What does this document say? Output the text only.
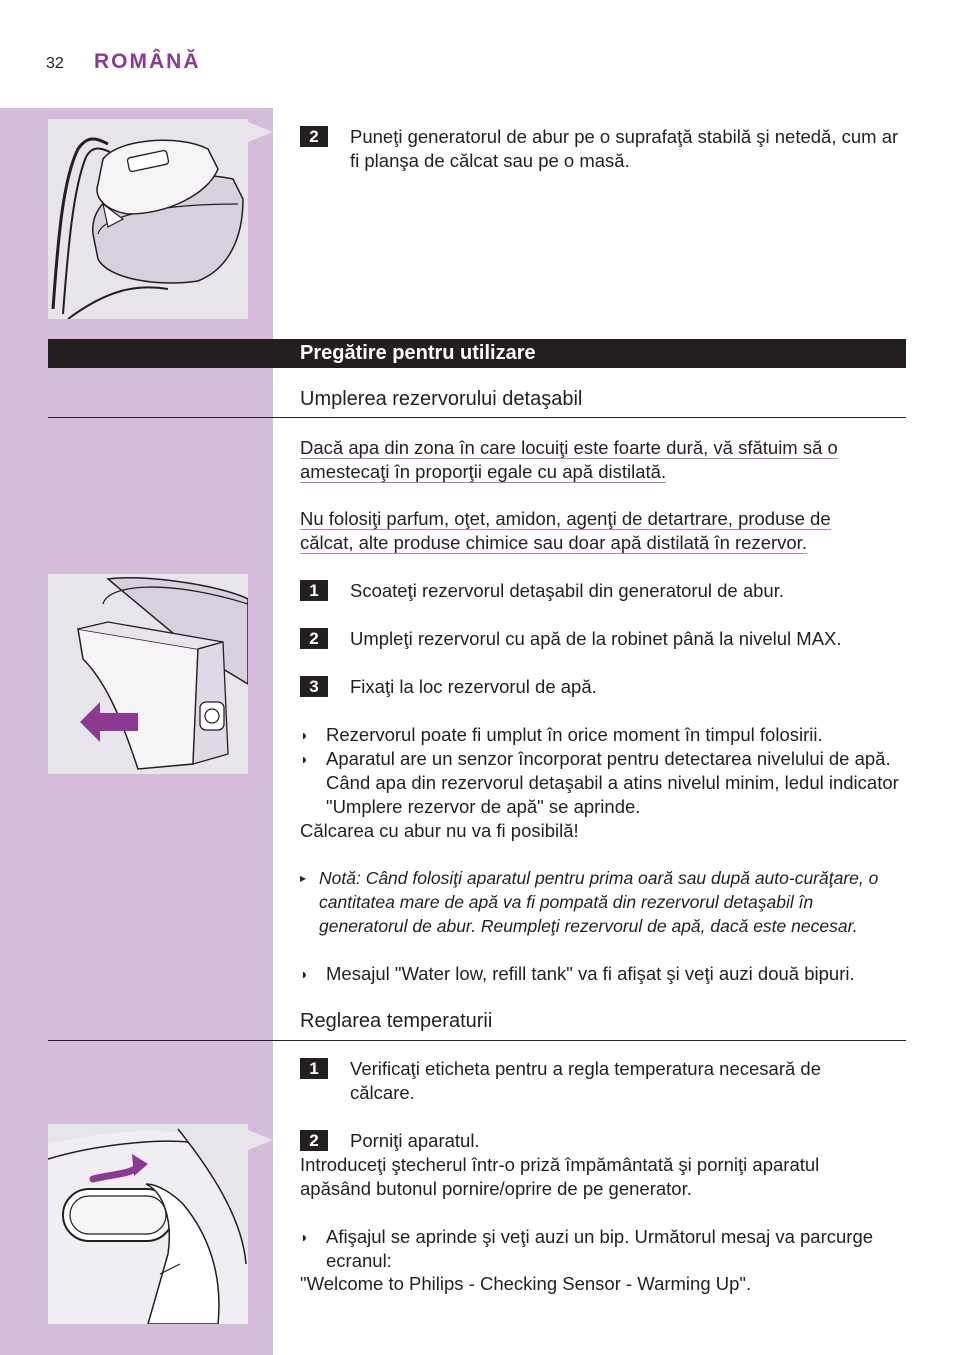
32 ROMÂNĂ
2	Puneţi generatorul de abur pe o suprafaţă stabilă şi netedă, cum ar fi planşa de călcat sau pe o masă.
Pregătire pentru utilizare
Umplerea rezervorului detaşabil
Dacă apa din zona în care locuiţi este foarte dură, vă sfătuim să o amestecaţi în proporţii egale cu apă distilată.
Nu folosiţi parfum, oţet, amidon, agenţi de detartrare, produse de călcat, alte produse chimice sau doar apă distilată în rezervor.
1	Scoateţi rezervorul detaşabil din generatorul de abur.
2	Umpleţi rezervorul cu apă de la robinet până la nivelul MAX.
3	Fixaţi la loc rezervorul de apă.
◗ Rezervorul poate fi umplut în orice moment în timpul folosirii.
◗ Aparatul are un senzor încorporat pentru detectarea nivelului de apă. Când apa din rezervorul detaşabil a atins nivelul minim, ledul indicator "Umplere rezervor de apă" se aprinde.
Călcarea cu abur nu va fi posibilă!
▸ Notă: Când folosiţi aparatul pentru prima oară sau după auto-curăţare, o cantitatea mare de apă va fi pompată din rezervorul detaşabil în generatorul de abur. Reumpleţi rezervorul de apă, dacă este necesar.
◗ Mesajul "Water low, refill tank" va fi afişat şi veţi auzi două bipuri.
Reglarea temperaturii
1	Verificaţi eticheta pentru a regla temperatura necesară de călcare.
2	Porniţi aparatul.
Introduceţi ştecherul într-o priză împământată şi porniţi aparatul apăsând butonul pornire/oprire de pe generator.
◗ Afişajul se aprinde şi veţi auzi un bip. Următorul mesaj va parcurge ecranul:
"Welcome to Philips - Checking Sensor - Warming Up".
